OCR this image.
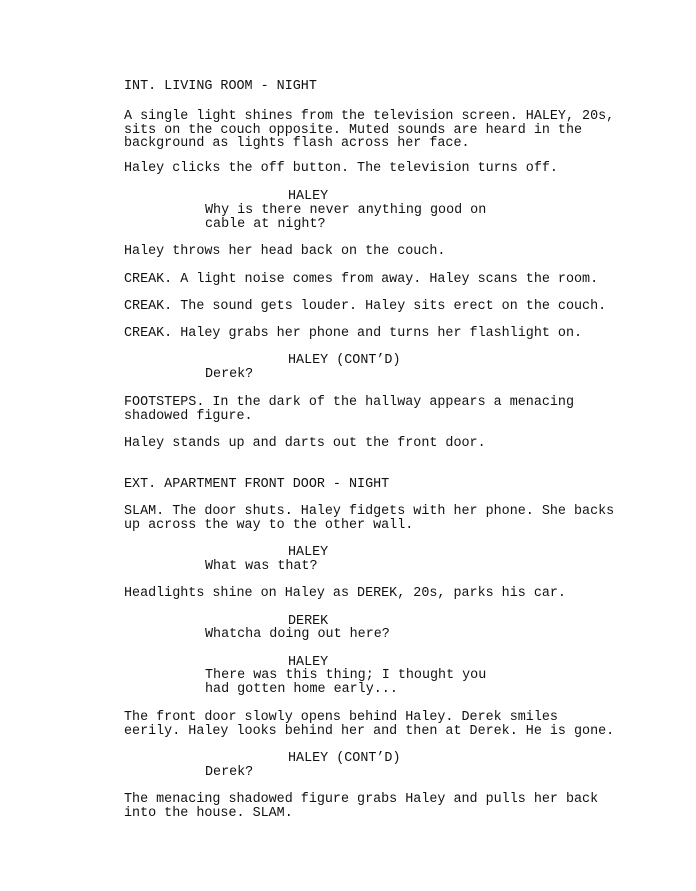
INT. LIVING ROOM - NIGHT
A single light shines from the television screen. HALEY, 20s,
sits on the couch opposite. Muted sounds are heard in the
background as lights flash across her face.
Haley clicks the off button. The television turns off.
HALEY
Why is there never anything good on
cable at night?
Haley throws her head back on the couch.
CREAK. A light noise comes from away. Haley scans the room.
CREAK. The sound gets louder. Haley sits erect on the couch.
CREAK. Haley grabs her phone and turns her flashlight on.
HALEY (CONT’D)
Derek?
FOOTSTEPS. In the dark of the hallway appears a menacing
shadowed figure.
Haley stands up and darts out the front door.
EXT. APARTMENT FRONT DOOR - NIGHT
SLAM. The door shuts. Haley fidgets with her phone. She backs
up across the way to the other wall.
HALEY
What was that?
Headlights shine on Haley as DEREK, 20s, parks his car.
DEREK
Whatcha doing out here?
HALEY
There was this thing; I thought you
had gotten home early...
The front door slowly opens behind Haley. Derek smiles
eerily. Haley looks behind her and then at Derek. He is gone.
HALEY (CONT’D)
Derek?
The menacing shadowed figure grabs Haley and pulls her back
into the house. SLAM.
